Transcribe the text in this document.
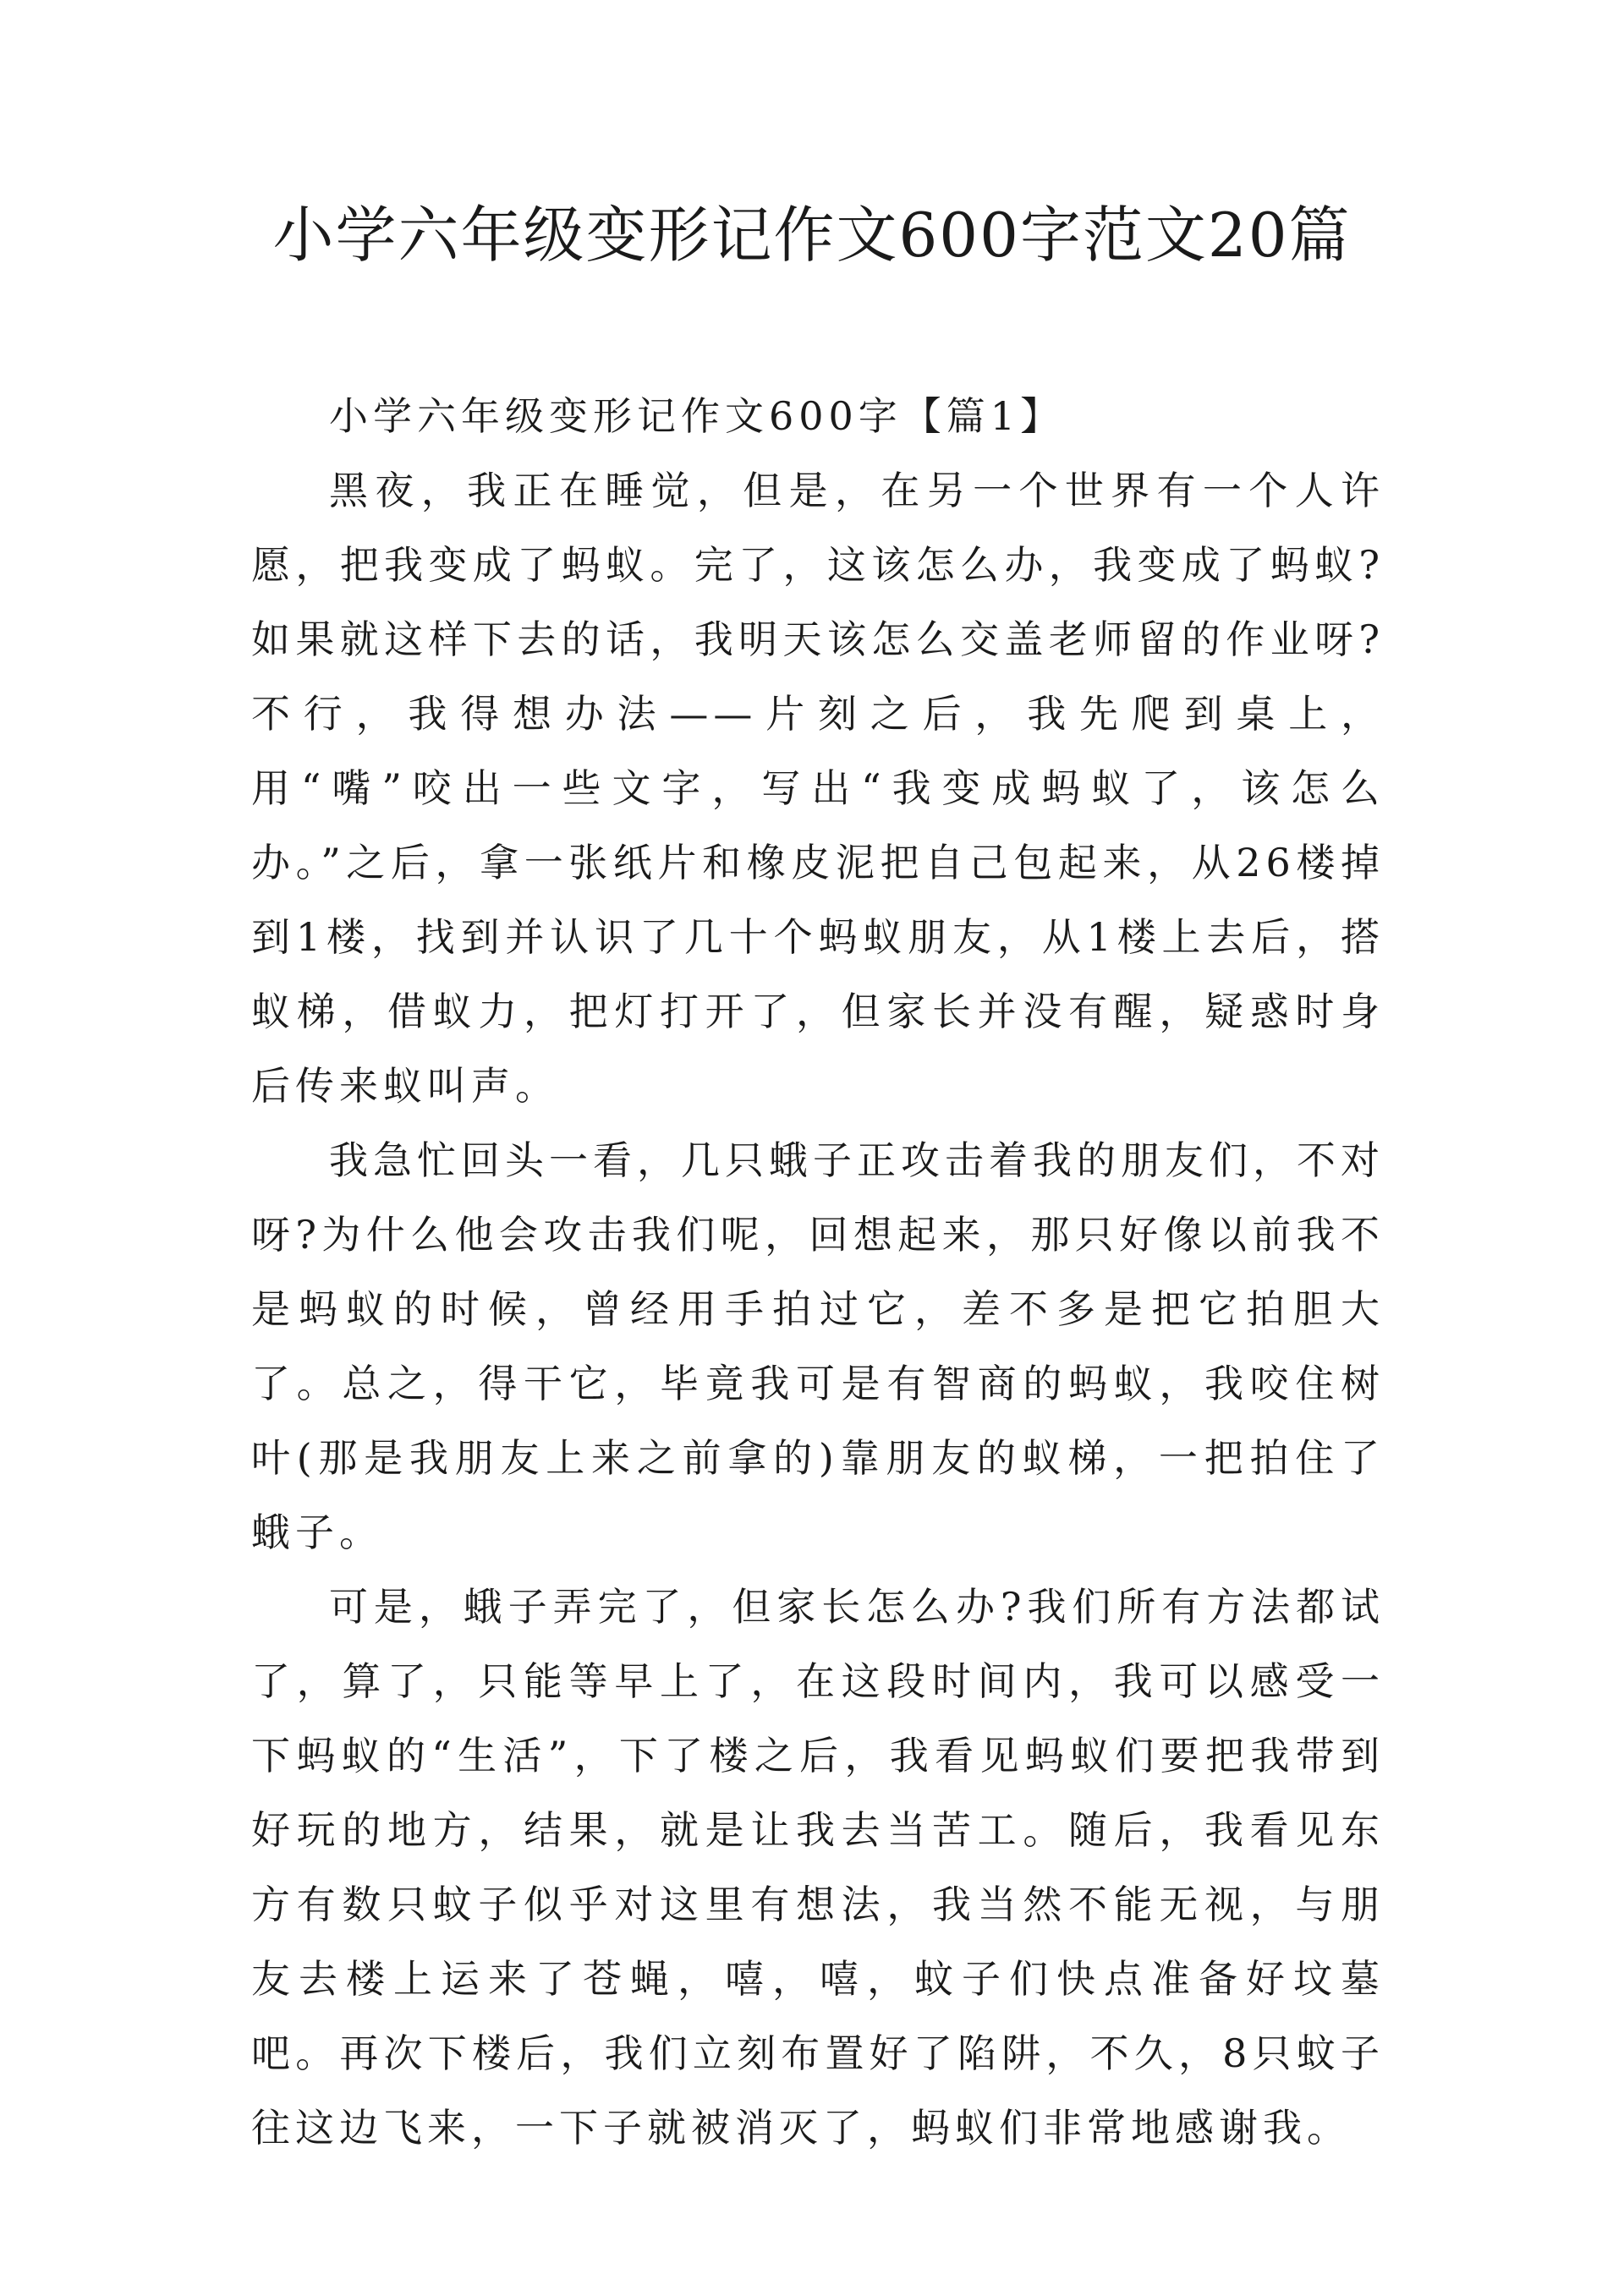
小学六年级变形记作文600字范文20篇

小学六年级变形记作文600字【篇1】

黑夜，我正在睡觉，但是，在另一个世界有一个人许愿，把我变成了蚂蚁。完了，这该怎么办，我变成了蚂蚁?如果就这样下去的话，我明天该怎么交盖老师留的作业呀?不行，我得想办法——片刻之后，我先爬到桌上，用“嘴”咬出一些文字，写出“我变成蚂蚁了，该怎么办。”之后，拿一张纸片和橡皮泥把自己包起来，从26楼掉到1楼，找到并认识了几十个蚂蚁朋友，从1楼上去后，搭蚁梯，借蚁力，把灯打开了，但家长并没有醒，疑惑时身后传来蚁叫声。

我急忙回头一看，几只蛾子正攻击着我的朋友们，不对呀?为什么他会攻击我们呢，回想起来，那只好像以前我不是蚂蚁的时候，曾经用手拍过它，差不多是把它拍胆大了。总之，得干它，毕竟我可是有智商的蚂蚁，我咬住树叶(那是我朋友上来之前拿的)靠朋友的蚁梯，一把拍住了蛾子。

可是，蛾子弄完了，但家长怎么办?我们所有方法都试了，算了，只能等早上了，在这段时间内，我可以感受一下蚂蚁的“生活”，下了楼之后，我看见蚂蚁们要把我带到好玩的地方，结果，就是让我去当苦工。随后，我看见东方有数只蚊子似乎对这里有想法，我当然不能无视，与朋友去楼上运来了苍蝇，嘻，嘻，蚊子们快点准备好坟墓吧。再次下楼后，我们立刻布置好了陷阱，不久，8只蚊子往这边飞来，一下子就被消灭了，蚂蚁们非常地感谢我。
